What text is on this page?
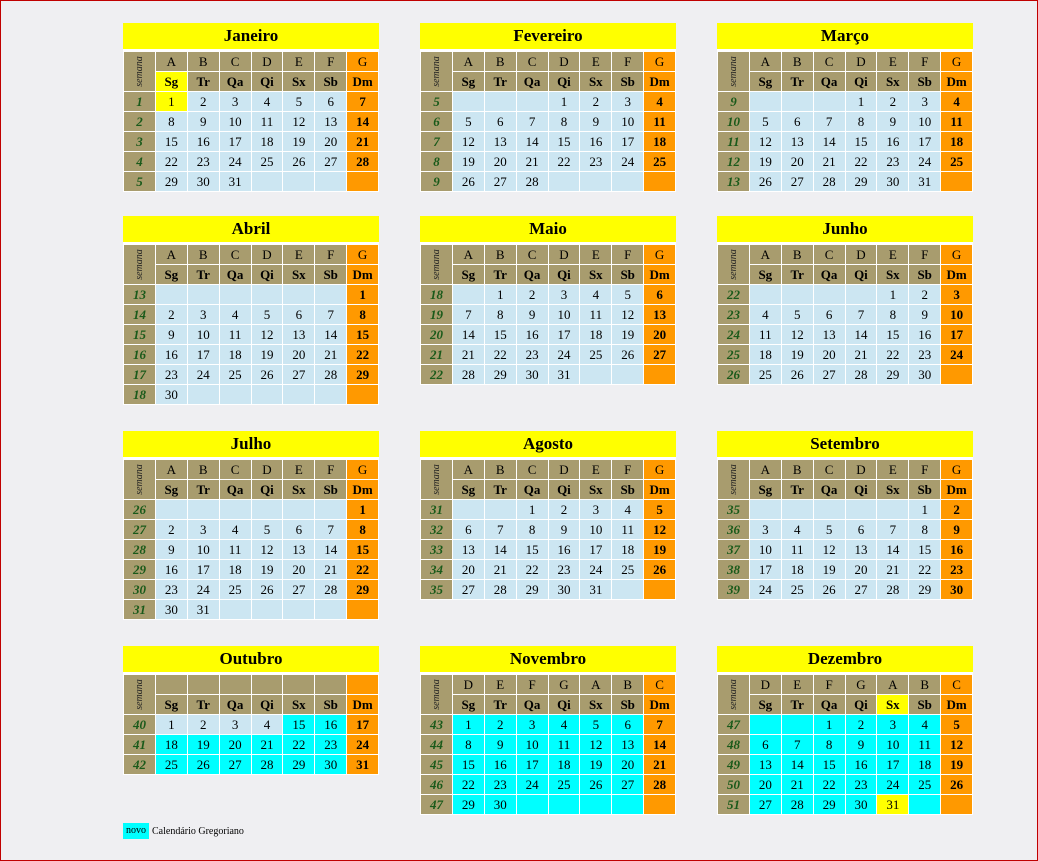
Janeiro
semana	A	B	C	D	E	F	G
	Sg	Tr	Qa	Qi	Sx	Sb	Dm
1	1	2	3	4	5	6	7
2	8	9	10	11	12	13	14
3	15	16	17	18	19	20	21
4	22	23	24	25	26	27	28
5	29	30	31				
Fevereiro
semana	A	B	C	D	E	F	G
	Sg	Tr	Qa	Qi	Sx	Sb	Dm
5				1	2	3	4
6	5	6	7	8	9	10	11
7	12	13	14	15	16	17	18
8	19	20	21	22	23	24	25
9	26	27	28				
Março
semana	A	B	C	D	E	F	G
	Sg	Tr	Qa	Qi	Sx	Sb	Dm
9				1	2	3	4
10	5	6	7	8	9	10	11
11	12	13	14	15	16	17	18
12	19	20	21	22	23	24	25
13	26	27	28	29	30	31	
Abril
semana	A	B	C	D	E	F	G
	Sg	Tr	Qa	Qi	Sx	Sb	Dm
13							1
14	2	3	4	5	6	7	8
15	9	10	11	12	13	14	15
16	16	17	18	19	20	21	22
17	23	24	25	26	27	28	29
18	30						
Maio
semana	A	B	C	D	E	F	G
	Sg	Tr	Qa	Qi	Sx	Sb	Dm
18		1	2	3	4	5	6
19	7	8	9	10	11	12	13
20	14	15	16	17	18	19	20
21	21	22	23	24	25	26	27
22	28	29	30	31			
Junho
semana	A	B	C	D	E	F	G
	Sg	Tr	Qa	Qi	Sx	Sb	Dm
22					1	2	3
23	4	5	6	7	8	9	10
24	11	12	13	14	15	16	17
25	18	19	20	21	22	23	24
26	25	26	27	28	29	30	
Julho
semana	A	B	C	D	E	F	G
	Sg	Tr	Qa	Qi	Sx	Sb	Dm
26							1
27	2	3	4	5	6	7	8
28	9	10	11	12	13	14	15
29	16	17	18	19	20	21	22
30	23	24	25	26	27	28	29
31	30	31					
Agosto
semana	A	B	C	D	E	F	G
	Sg	Tr	Qa	Qi	Sx	Sb	Dm
31			1	2	3	4	5
32	6	7	8	9	10	11	12
33	13	14	15	16	17	18	19
34	20	21	22	23	24	25	26
35	27	28	29	30	31		
Setembro
semana	A	B	C	D	E	F	G
	Sg	Tr	Qa	Qi	Sx	Sb	Dm
35						1	2
36	3	4	5	6	7	8	9
37	10	11	12	13	14	15	16
38	17	18	19	20	21	22	23
39	24	25	26	27	28	29	30
Outubro
semana							
	Sg	Tr	Qa	Qi	Sx	Sb	Dm
40	1	2	3	4	15	16	17
41	18	19	20	21	22	23	24
42	25	26	27	28	29	30	31
Novembro
semana	D	E	F	G	A	B	C
	Sg	Tr	Qa	Qi	Sx	Sb	Dm
43	1	2	3	4	5	6	7
44	8	9	10	11	12	13	14
45	15	16	17	18	19	20	21
46	22	23	24	25	26	27	28
47	29	30					
Dezembro
semana	D	E	F	G	A	B	C
	Sg	Tr	Qa	Qi	Sx	Sb	Dm
47			1	2	3	4	5
48	6	7	8	9	10	11	12
49	13	14	15	16	17	18	19
50	20	21	22	23	24	25	26
51	27	28	29	30	31		
novo Calendário Gregoriano
